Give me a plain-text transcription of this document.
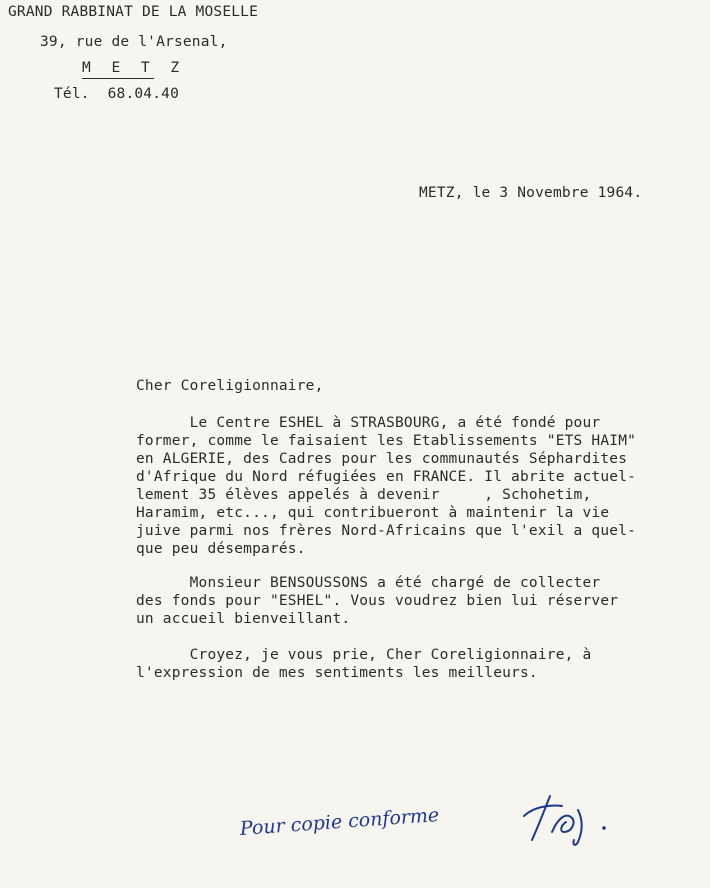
GRAND RABBINAT DE LA MOSELLE
39, rue de l'Arsenal,
M E T Z
Tél.  68.04.40
METZ, le 3 Novembre 1964.
Cher Coreligionnaire,
Le Centre ESHEL à STRASBOURG, a été fondé pour
former, comme le faisaient les Etablissements "ETS HAIM"
en ALGERIE, des Cadres pour les communautés Séphardites
d'Afrique du Nord réfugiées en FRANCE. Il abrite actuel-
lement 35 élèves appelés à devenir     , Schohetim,
Haramim, etc..., qui contribueront à maintenir la vie
juive parmi nos frères Nord-Africains que l'exil a quel-
que peu désemparés.
Monsieur BENSOUSSONS a été chargé de collecter
des fonds pour "ESHEL". Vous voudrez bien lui réserver
un accueil bienveillant.
Croyez, je vous prie, Cher Coreligionnaire, à
l'expression de mes sentiments les meilleurs.
Pour copie conforme
